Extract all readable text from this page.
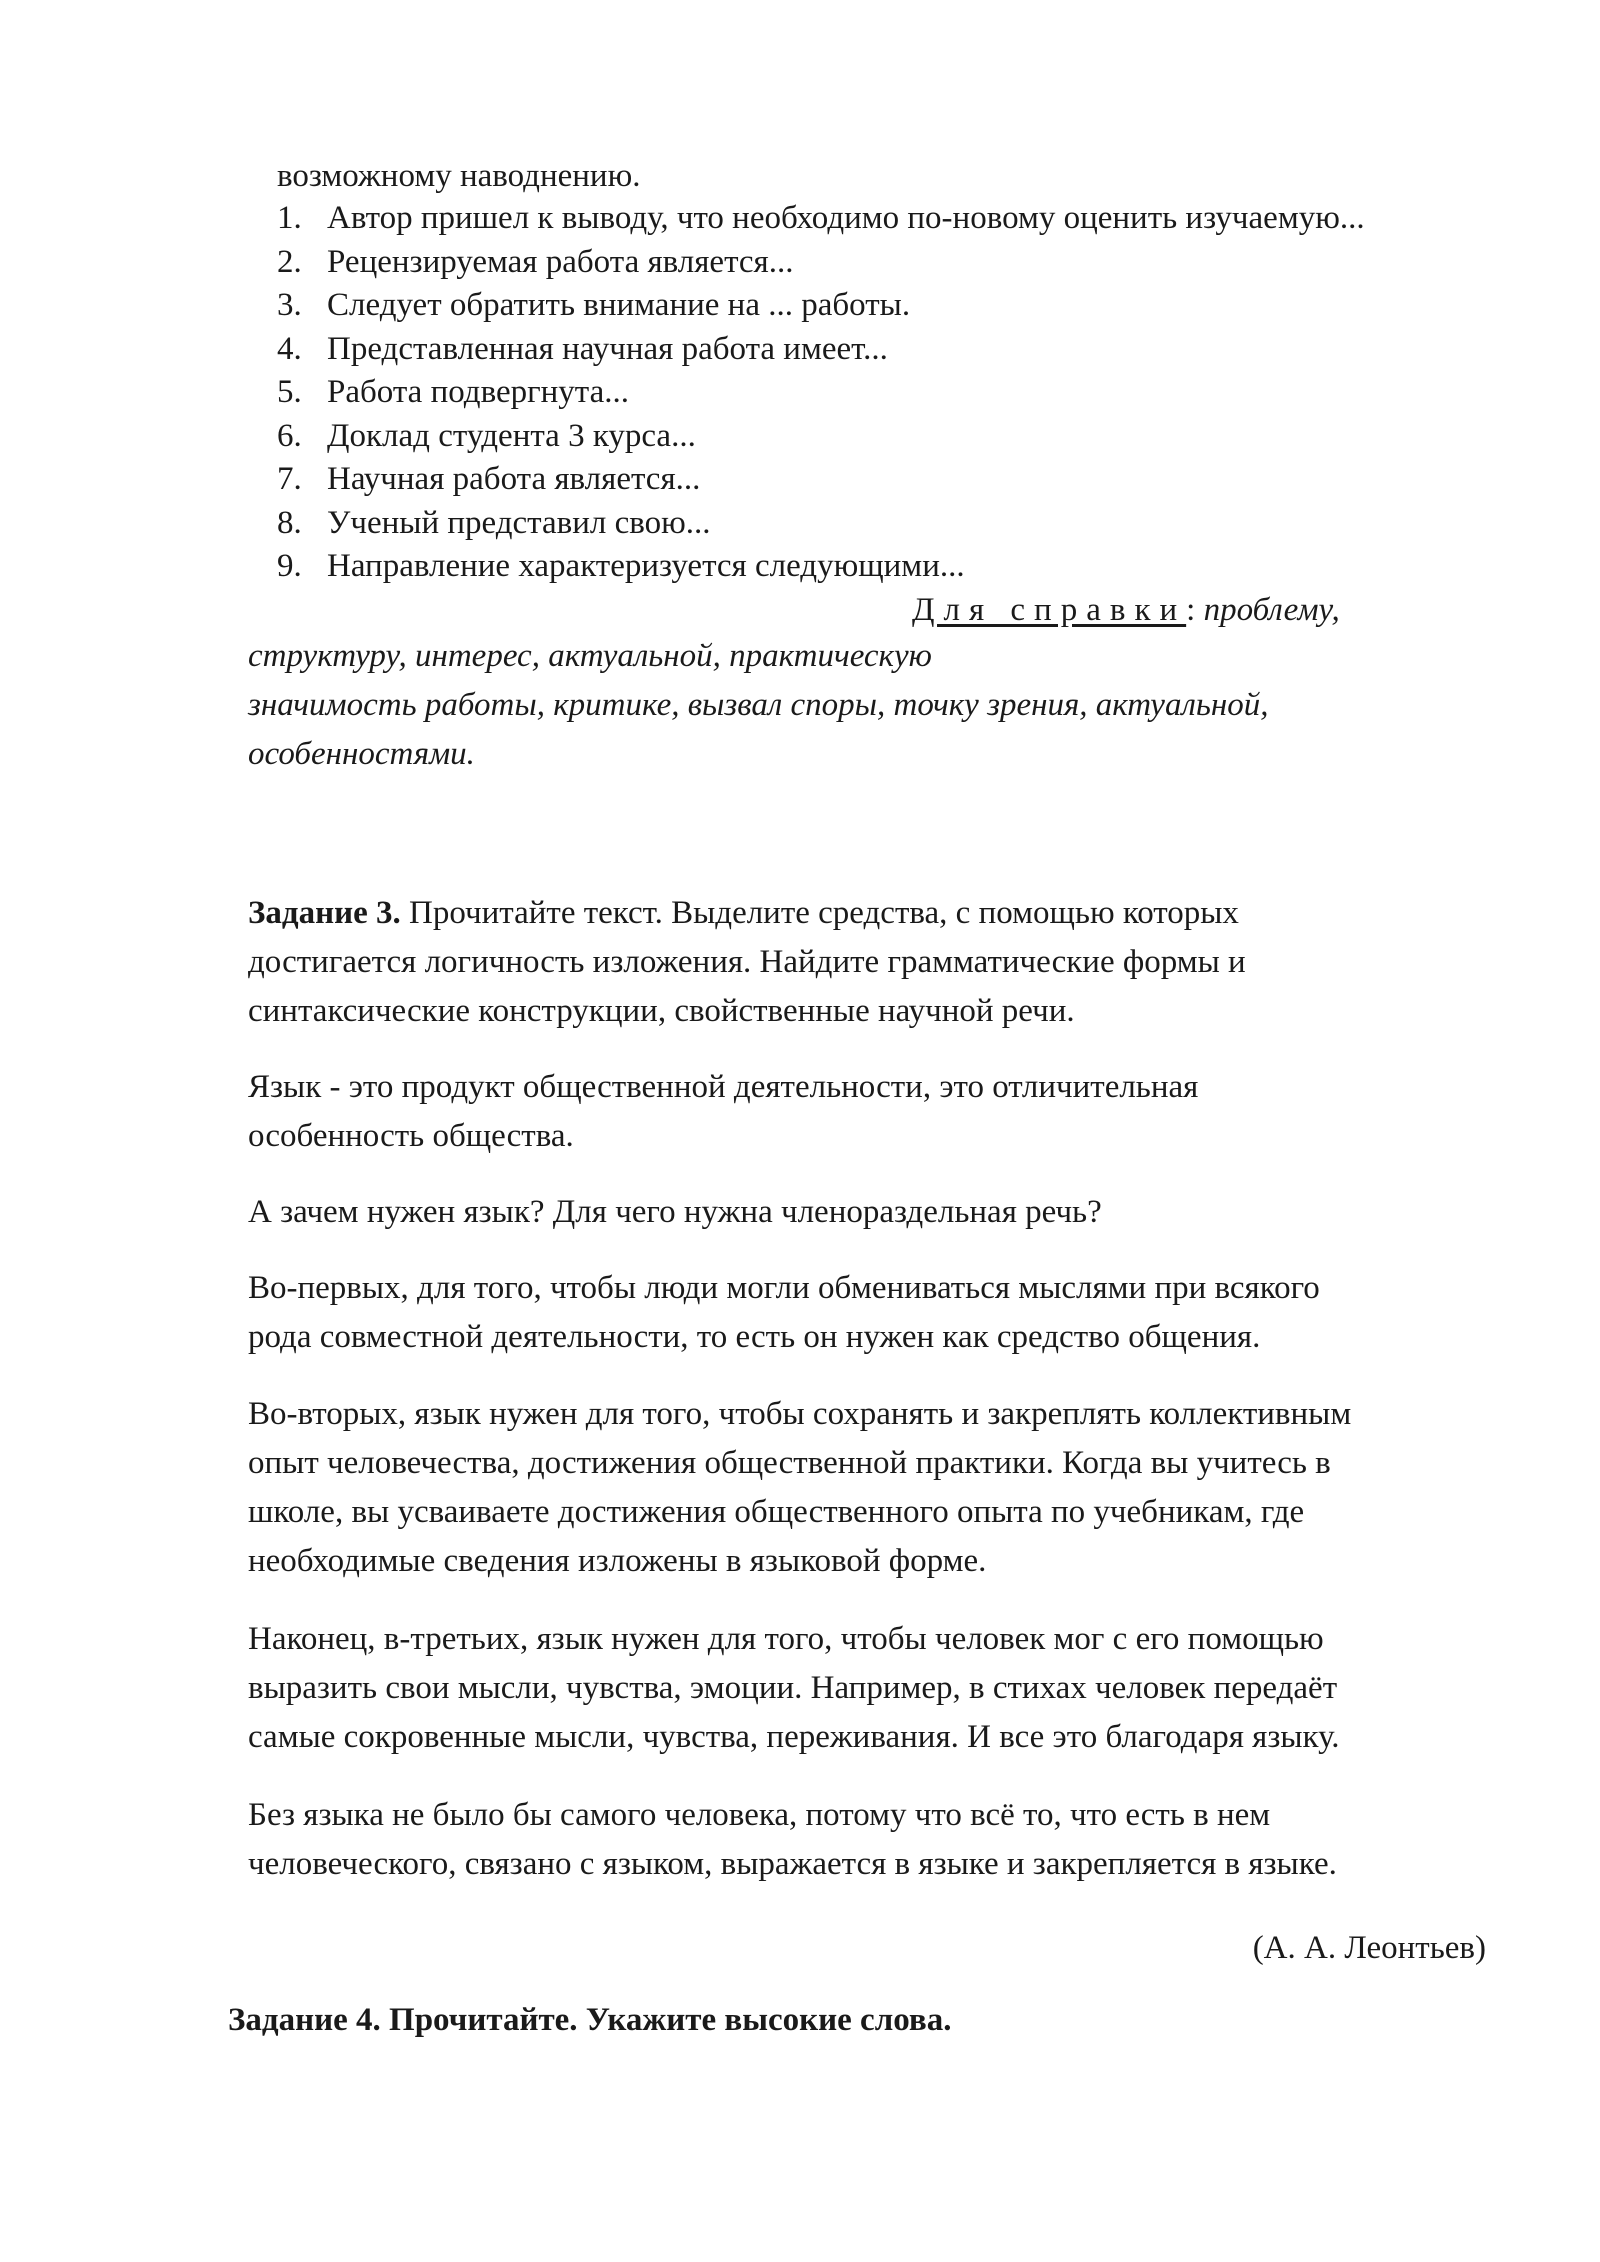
возможному наводнению.
1. Автор пришел к выводу, что необходимо по-новому оценить изучаемую...
2. Рецензируемая работа является...
3. Следует обратить внимание на ... работы.
4. Представленная научная работа имеет...
5. Работа подвергнута...
6. Доклад студента 3 курса...
7. Научная работа является...
8. Ученый представил свою...
9. Направление характеризуется следующими...
Для справки: проблему,
структуру, интерес, актуальной, практическую
значимость работы, критике, вызвал споры, точку зрения, актуальной,
особенностями.
Задание 3. Прочитайте текст. Выделите средства, с помощью которых
достигается логичность изложения. Найдите грамматические формы и
синтаксические конструкции, свойственные научной речи.
Язык - это продукт общественной деятельности, это отличительная
особенность общества.
А зачем нужен язык? Для чего нужна членораздельная речь?
Во-первых, для того, чтобы люди могли обмениваться мыслями при всякого
рода совместной деятельности, то есть он нужен как средство общения.
Во-вторых, язык нужен для того, чтобы сохранять и закреплять коллективным
опыт человечества, достижения общественной практики. Когда вы учитесь в
школе, вы усваиваете достижения общественного опыта по учебникам, где
необходимые сведения изложены в языковой форме.
Наконец, в-третьих, язык нужен для того, чтобы человек мог с его помощью
выразить свои мысли, чувства, эмоции. Например, в стихах человек передаёт
самые сокровенные мысли, чувства, переживания. И все это благодаря языку.
Без языка не было бы самого человека, потому что всё то, что есть в нем
человеческого, связано с языком, выражается в языке и закрепляется в языке.
(А. А. Леонтьев)
Задание 4. Прочитайте. Укажите высокие слова.
